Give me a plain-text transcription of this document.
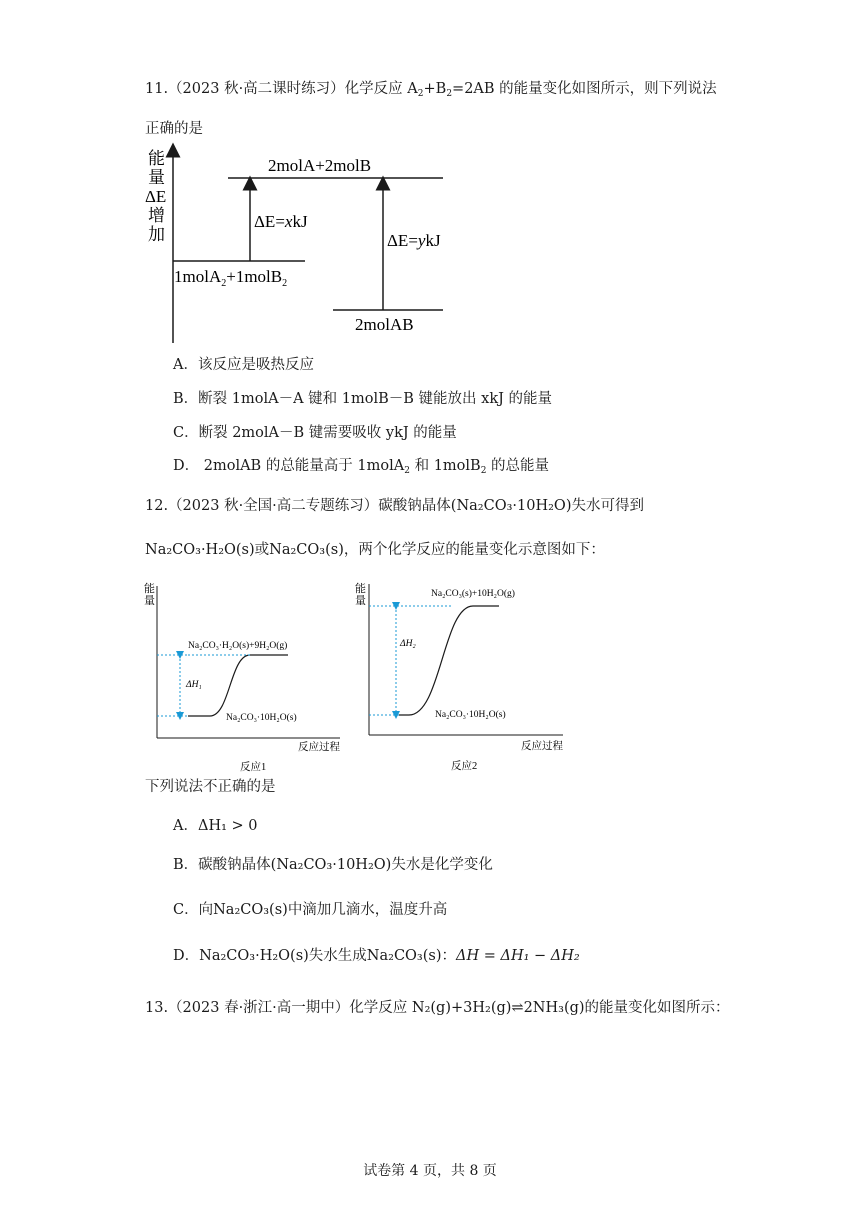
11.（2023 秋·高二课时练习）化学反应 $A_2+B_2=2AB$ 的能量变化如图所示，则下列说法
正确的是
能
量
ΔE
增
加
2molA+2molB
ΔE=xkJ
ΔE=ykJ
1molA$_2$+1molB$_2$
2molAB
A．该反应是吸热反应
B．断裂 1molA－A 键和 1molB－B 键能放出 xkJ 的能量
C．断裂 2molA－B 键需要吸收 ykJ 的能量
D． 2molAB 的总能量高于 1molA$_2$ 和 1molB$_2$ 的总能量
12.（2023 秋·全国·高二专题练习）碳酸钠晶体(Na₂CO₃·10H₂O)失水可得到
Na₂CO₃·H₂O(s)或Na₂CO₃(s)，两个化学反应的能量变化示意图如下：
能
量
Na₂CO₃·H₂O(s)+9H₂O(g)
Na₂CO₃·10H₂O(s)
ΔH₁
反应过程
反应1
能
量
Na₂CO₃(s)+10H₂O(g)
Na₂CO₃·10H₂O(s)
ΔH₂
反应过程
反应2
下列说法不正确的是
A．ΔH₁ > 0
B．碳酸钠晶体(Na₂CO₃·10H₂O)失水是化学变化
C．向Na₂CO₃(s)中滴加几滴水，温度升高
D．Na₂CO₃·H₂O(s)失水生成Na₂CO₃(s)：ΔH = ΔH₁ − ΔH₂
13.（2023 春·浙江·高一期中）化学反应 N₂(g)+3H₂(g)⇌2NH₃(g)的能量变化如图所示：
试卷第 4 页，共 8 页
